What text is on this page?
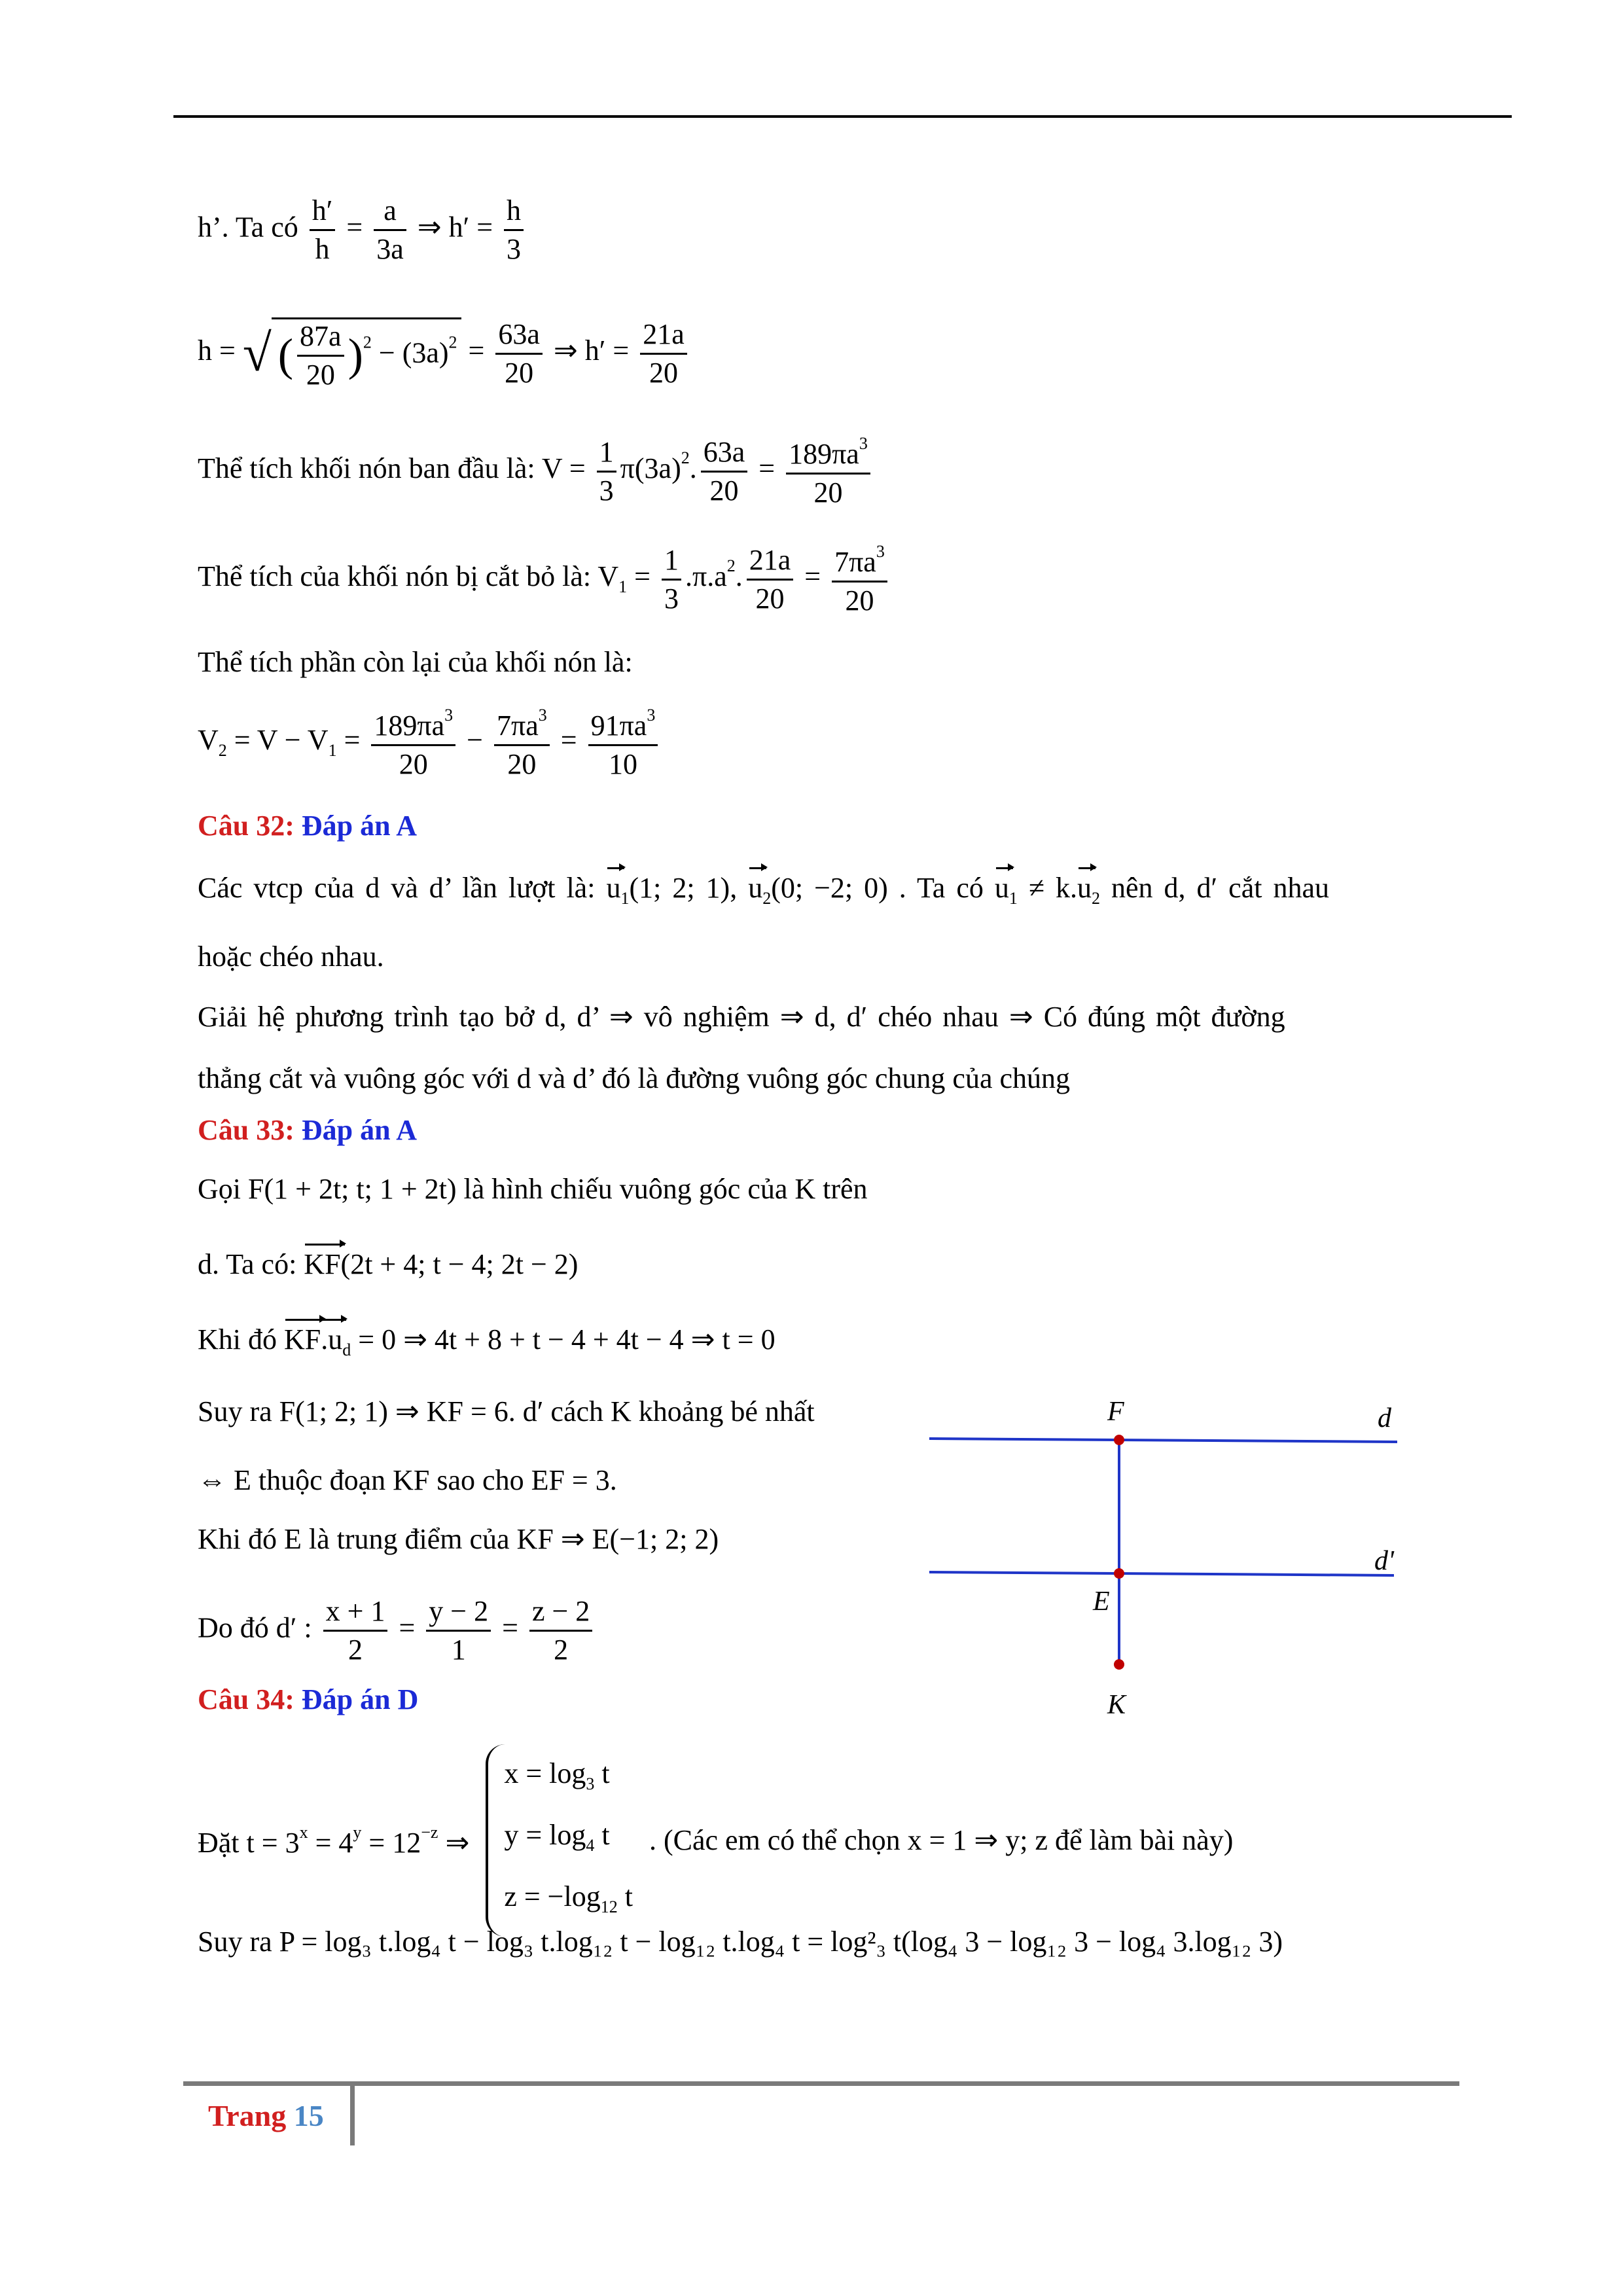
h’. Ta có $\frac{h'}{h} = \frac{a}{3a}$ ⇒ $h' = \frac{h}{3}$
h = √ ( $\frac{87a}{20} )^2 - (3a)^2 = \frac{63a}{20}$ ⇒ $h' = \frac{21a}{20}$
Thể tích khối nón ban đầu là: $V = \frac{1}{3} \pi(3a)^2$. $\frac{63a}{20} = \frac{189\pi a^3}{20}$
Thể tích của khối nón bị cắt bỏ là: $V_1 = \frac{1}{3} .\pi.a^2$. $\frac{21a}{20} = \frac{7\pi a^3}{20}$
Thể tích phần còn lại của khối nón là:
$V_2 = V - V_1 = \frac{189\pi a^3}{20} - \frac{7\pi a^3}{20} = \frac{91\pi a^3}{10}$
Câu 32: Đáp án A
Các vtcp của d và d’ lần lượt là: $u_1(1$; 2; 1), $u_2(0$; −2; 0) . Ta có $u_1 \ne k.u_2$ nên d, d′ cắt nhau
hoặc chéo nhau.
Giải hệ phương trình tạo bở d, d’ ⇒ vô nghiệm ⇒ d, d′ chéo nhau ⇒ Có đúng một đường
thẳng cắt và vuông góc với d và d’ đó là đường vuông góc chung của chúng
Câu 33: Đáp án A
Gọi F(1 + 2t; t; 1 + 2t) là hình chiếu vuông góc của K trên
d. Ta có: KF(2t + 4; t − 4; 2t − 2)
Khi đó $KF.u_d = 0$ ⇒ 4t + 8 + t − 4 + 4t − 4 ⇒ t = 0
Suy ra F(1; 2; 1) ⇒ KF = 6. d′ cách K khoảng bé nhất
⇔ E thuộc đoạn KF sao cho EF = 3.
Khi đó E là trung điểm của KF ⇒ E(−1; 2; 2)
Do đó d′ : $\frac{x + 1}{2} = \frac{y - 2}{1} = \frac{z - 2}{2}$
F	d
d'
E
K
Câu 34: Đáp án D
Đặt $t = 3^x = 4^y = 12^{-z}$ ⇒ $x = \log_3 t$
$y = \log_4 t$
$z = -\log_{12}$ t . (Các em có thể chọn x = 1 ⇒ y; z để làm bài này)
Suy ra P = log₃ t.log₄ t − log₃ t.log₁₂ t − log₁₂ t.log₄ t = log²₃ t(log₄ 3 − log₁₂ 3 − log₄ 3.log₁₂ 3)
Trang 15
